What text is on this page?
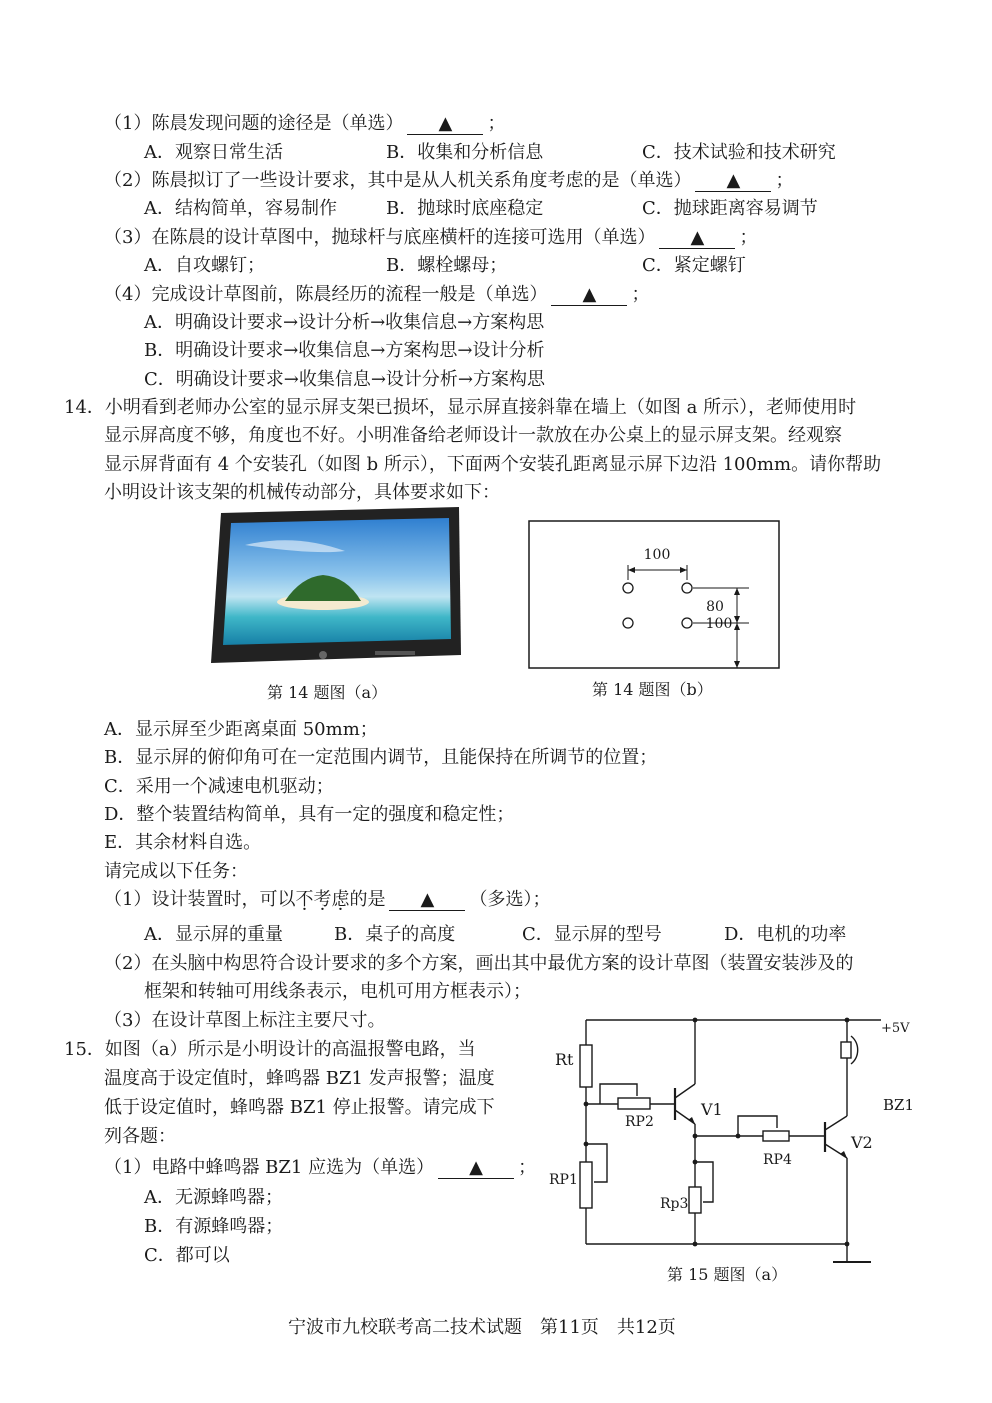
（1）陈晨发现问题的途径是（单选） ▲ ；
A．观察日常生活	B．收集和分析信息	C．技术试验和技术研究
（2）陈晨拟订了一些设计要求，其中是从人机关系角度考虑的是（单选） ▲ ；
A．结构简单，容易制作	B．抛球时底座稳定	C．抛球距离容易调节
（3）在陈晨的设计草图中，抛球杆与底座横杆的连接可选用（单选） ▲ ；
A．自攻螺钉；	B．螺栓螺母；	C．紧定螺钉
（4）完成设计草图前，陈晨经历的流程一般是（单选） ▲ ；
A．明确设计要求→设计分析→收集信息→方案构思
B．明确设计要求→收集信息→方案构思→设计分析
C．明确设计要求→收集信息→设计分析→方案构思
14．小明看到老师办公室的显示屏支架已损坏，显示屏直接斜靠在墙上（如图 a 所示），老师使用时
显示屏高度不够，角度也不好。小明准备给老师设计一款放在办公桌上的显示屏支架。经观察
显示屏背面有 4 个安装孔（如图 b 所示），下面两个安装孔距离显示屏下边沿 100mm。请你帮助
小明设计该支架的机械传动部分，具体要求如下：
第 14 题图（a）
100
80
100
第 14 题图（b）
A．显示屏至少距离桌面 50mm；
B．显示屏的俯仰角可在一定范围内调节，且能保持在所调节的位置；
C．采用一个减速电机驱动；
D．整个装置结构简单，具有一定的强度和稳定性；
E．其余材料自选。
请完成以下任务：
（1）设计装置时，可以不考虑的是 ▲ （多选）；
A．显示屏的重量	B．桌子的高度	C．显示屏的型号	D．电机的功率
（2）在头脑中构思符合设计要求的多个方案，画出其中最优方案的设计草图（装置安装涉及的
框架和转轴可用线条表示，电机可用方框表示）；
（3）在设计草图上标注主要尺寸。
15．如图（a）所示是小明设计的高温报警电路，当
温度高于设定值时，蜂鸣器 BZ1 发声报警；温度
低于设定值时，蜂鸣器 BZ1 停止报警。请完成下
列各题：
（1）电路中蜂鸣器 BZ1 应选为（单选） ▲ ；
A．无源蜂鸣器；
B．有源蜂鸣器；
C．都可以
+5V
Rt
RP1
RP2
Rp3
RP4
V1
V2
BZ1
第 15 题图（a）
宁波市九校联考高二技术试题　第11页　共12页
